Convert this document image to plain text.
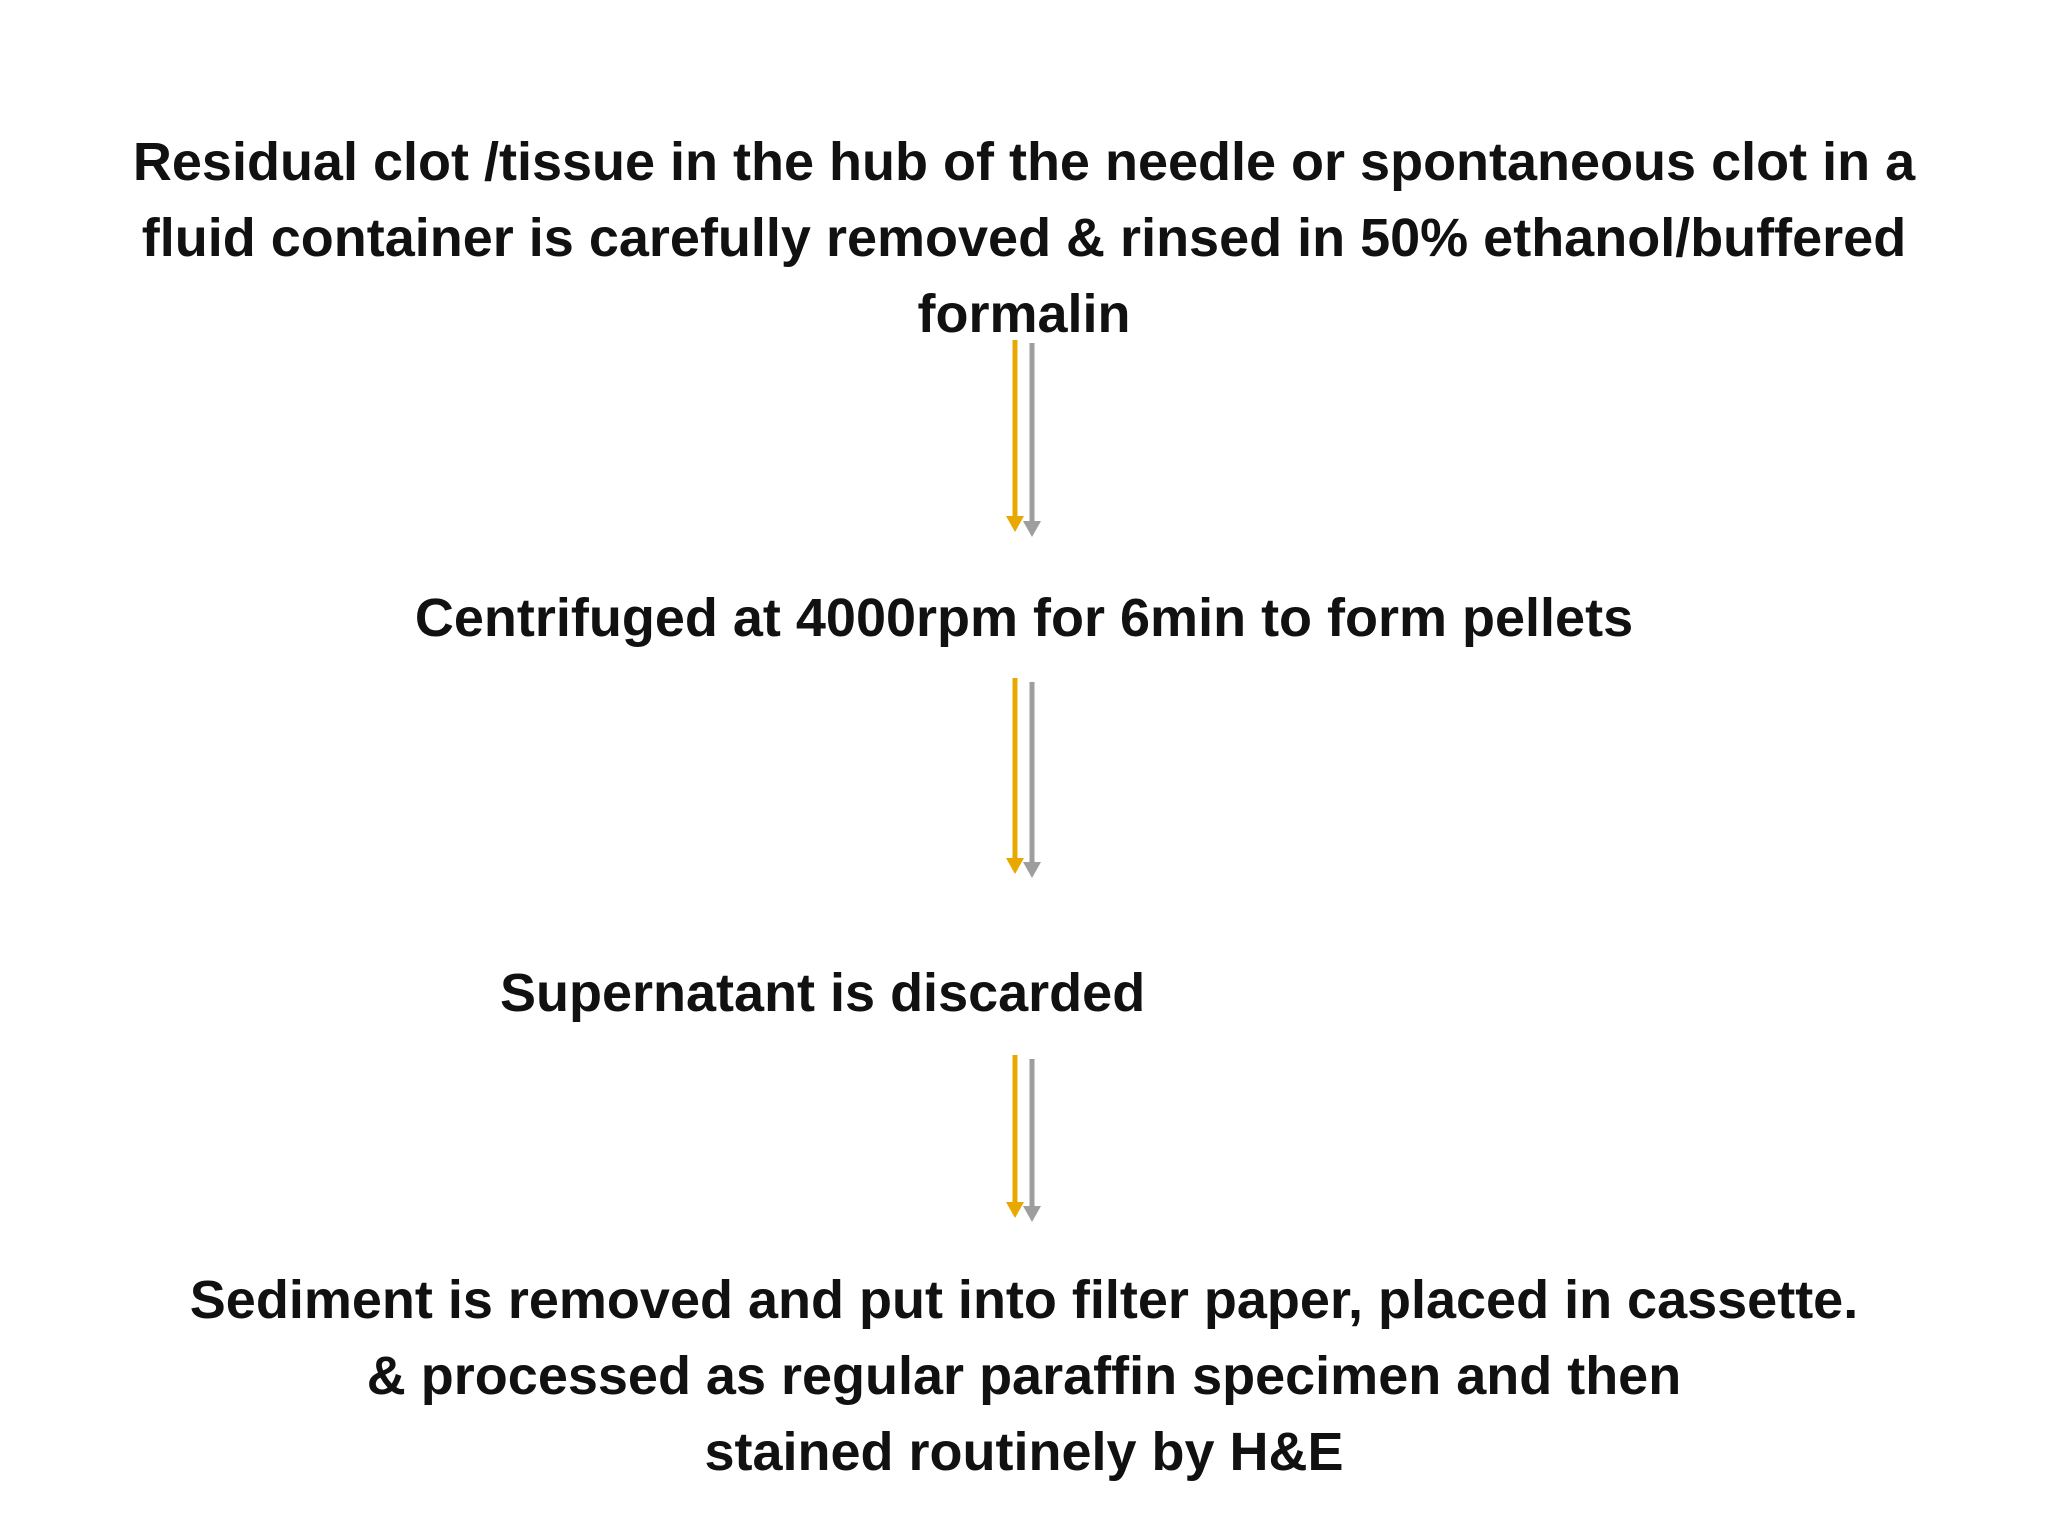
Residual clot /tissue in the hub of the needle or spontaneous clot in a
fluid container is carefully removed & rinsed in 50% ethanol/buffered
formalin
Centrifuged at 4000rpm for 6min to form pellets
Supernatant is discarded
Sediment is removed and put into filter paper, placed in cassette.
& processed as regular paraffin specimen and then
stained routinely by H&E
